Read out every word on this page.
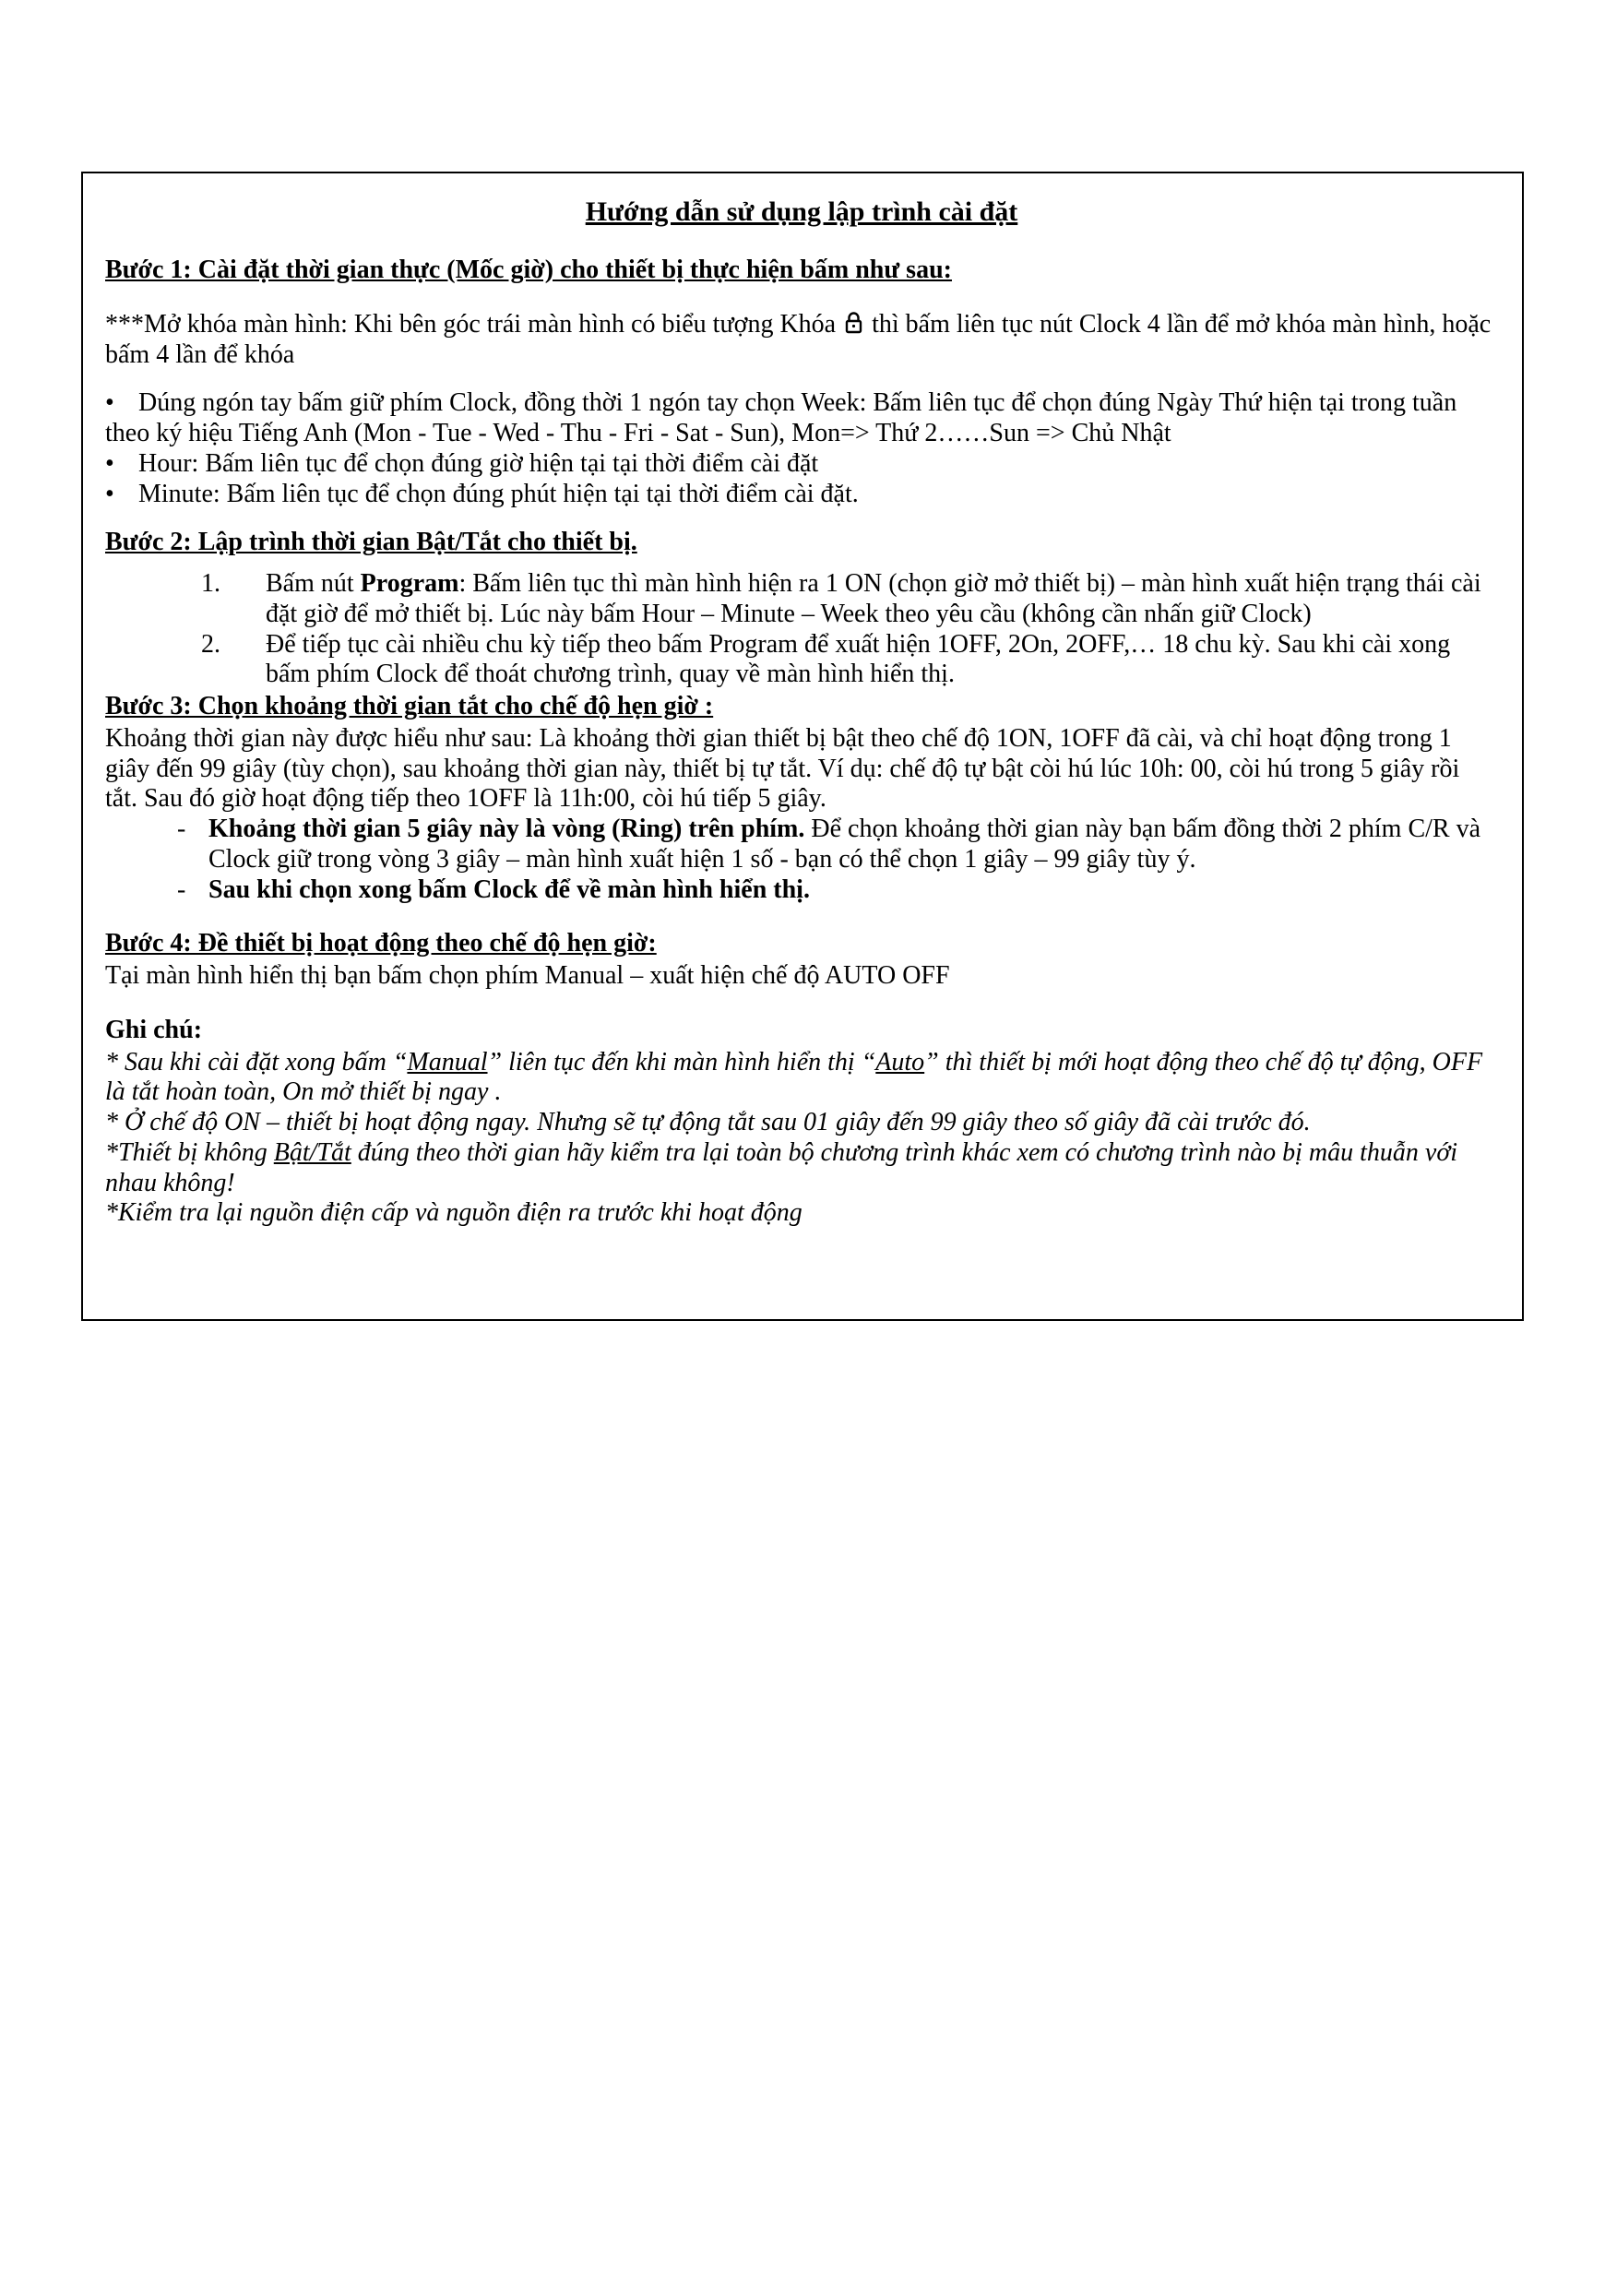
Hướng dẫn sử dụng lập trình cài đặt
Bước 1: Cài đặt thời gian thực (Mốc giờ) cho thiết bị thực hiện bấm như sau:

***Mở khóa màn hình: Khi bên góc trái màn hình có biểu tượng Khóa thì bấm liên tục nút Clock 4 lần để mở khóa màn hình, hoặc bấm 4 lần để khóa

• Dúng ngón tay bấm giữ phím Clock, đồng thời 1 ngón tay chọn Week: Bấm liên tục để chọn đúng Ngày Thứ hiện tại trong tuần theo ký hiệu Tiếng Anh (Mon - Tue - Wed - Thu - Fri - Sat - Sun), Mon=> Thứ 2……Sun => Chủ Nhật

• Hour: Bấm liên tục để chọn đúng giờ hiện tại tại thời điểm cài đặt

• Minute: Bấm liên tục để chọn đúng phút hiện tại tại thời điểm cài đặt.

Bước 2: Lập trình thời gian Bật/Tắt cho thiết bị.
1.	Bấm nút Program: Bấm liên tục thì màn hình hiện ra 1 ON (chọn giờ mở thiết bị) – màn hình xuất hiện trạng thái cài đặt giờ để mở thiết bị. Lúc này bấm Hour – Minute – Week theo yêu cầu (không cần nhấn giữ Clock)
2.	Để tiếp tục cài nhiều chu kỳ tiếp theo bấm Program để xuất hiện 1OFF, 2On, 2OFF,… 18 chu kỳ. Sau khi cài xong bấm phím Clock để thoát chương trình, quay về màn hình hiển thị.
Bước 3: Chọn khoảng thời gian tắt cho chế độ hẹn giờ :

Khoảng thời gian này được hiểu như sau: Là khoảng thời gian thiết bị bật theo chế độ 1ON, 1OFF đã cài, và chỉ hoạt động trong 1 giây đến 99 giây (tùy chọn), sau khoảng thời gian này, thiết bị tự tắt. Ví dụ: chế độ tự bật còi hú lúc 10h: 00, còi hú trong 5 giây rồi tắt. Sau đó giờ hoạt động tiếp theo 1OFF là 11h:00, còi hú tiếp 5 giây.

- Khoảng thời gian 5 giây này là vòng (Ring) trên phím. Để chọn khoảng thời gian này bạn bấm đồng thời 2 phím C/R và Clock giữ trong vòng 3 giây – màn hình xuất hiện 1 số - bạn có thể chọn 1 giây – 99 giây tùy ý.
- Sau khi chọn xong bấm Clock để về màn hình hiển thị.
Bước 4: Đề thiết bị hoạt động theo chế độ hẹn giờ:

Tại màn hình hiển thị bạn bấm chọn phím Manual – xuất hiện chế độ AUTO OFF

Ghi chú:

* Sau khi cài đặt xong bấm “Manual” liên tục đến khi màn hình hiển thị “Auto” thì thiết bị mới hoạt động theo chế độ tự động, OFF là tắt hoàn toàn, On mở thiết bị ngay .

* Ở chế độ ON – thiết bị hoạt động ngay. Nhưng sẽ tự động tắt sau 01 giây đến 99 giây theo số giây đã cài trước đó.

*Thiết bị không Bật/Tắt đúng theo thời gian hãy kiểm tra lại toàn bộ chương trình khác xem có chương trình nào bị mâu thuẫn với nhau không!

*Kiểm tra lại nguồn điện cấp và nguồn điện ra trước khi hoạt động
